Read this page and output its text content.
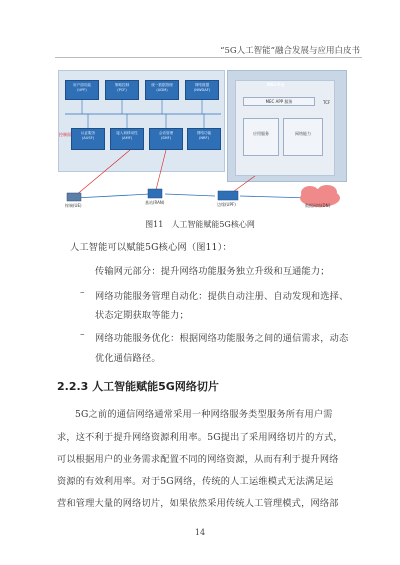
“5G人工智能”融合发展与应用白皮书
用户面功能
(UPF)
策略控制
(PCF)
统一数据管理
(UDM)
网络数据
(NWDAF)
认证服务
(AUSF)
接入和移动性
(AMF)
会话管理
(SMF)
网络功能
(NRF)
控制面
MEC平台
TCF
MEC APP 服务
应用服务	网络能力
终端(UE)
基站(RAN)	边缘(UPF)	数据网络(DN)
图11　人工智能赋能5G核心网
人工智能可以赋能5G核心网（图11）：
传输网元部分：提升网络功能服务独立升级和互通能力；
– 网络功能服务管理自动化：提供自动注册、自动发现和选择、
状态定期获取等能力；
– 网络功能服务优化：根据网络功能服务之间的通信需求，动态
优化通信路径。
2.2.3 人工智能赋能5G网络切片
5G之前的通信网络通常采用一种网络服务类型服务所有用户需
求，这不利于提升网络资源利用率。5G提出了采用网络切片的方式，
可以根据用户的业务需求配置不同的网络资源，从而有利于提升网络
资源的有效利用率。对于5G网络，传统的人工运维模式无法满足运
营和管理大量的网络切片，如果依然采用传统人工管理模式，网络部
14
